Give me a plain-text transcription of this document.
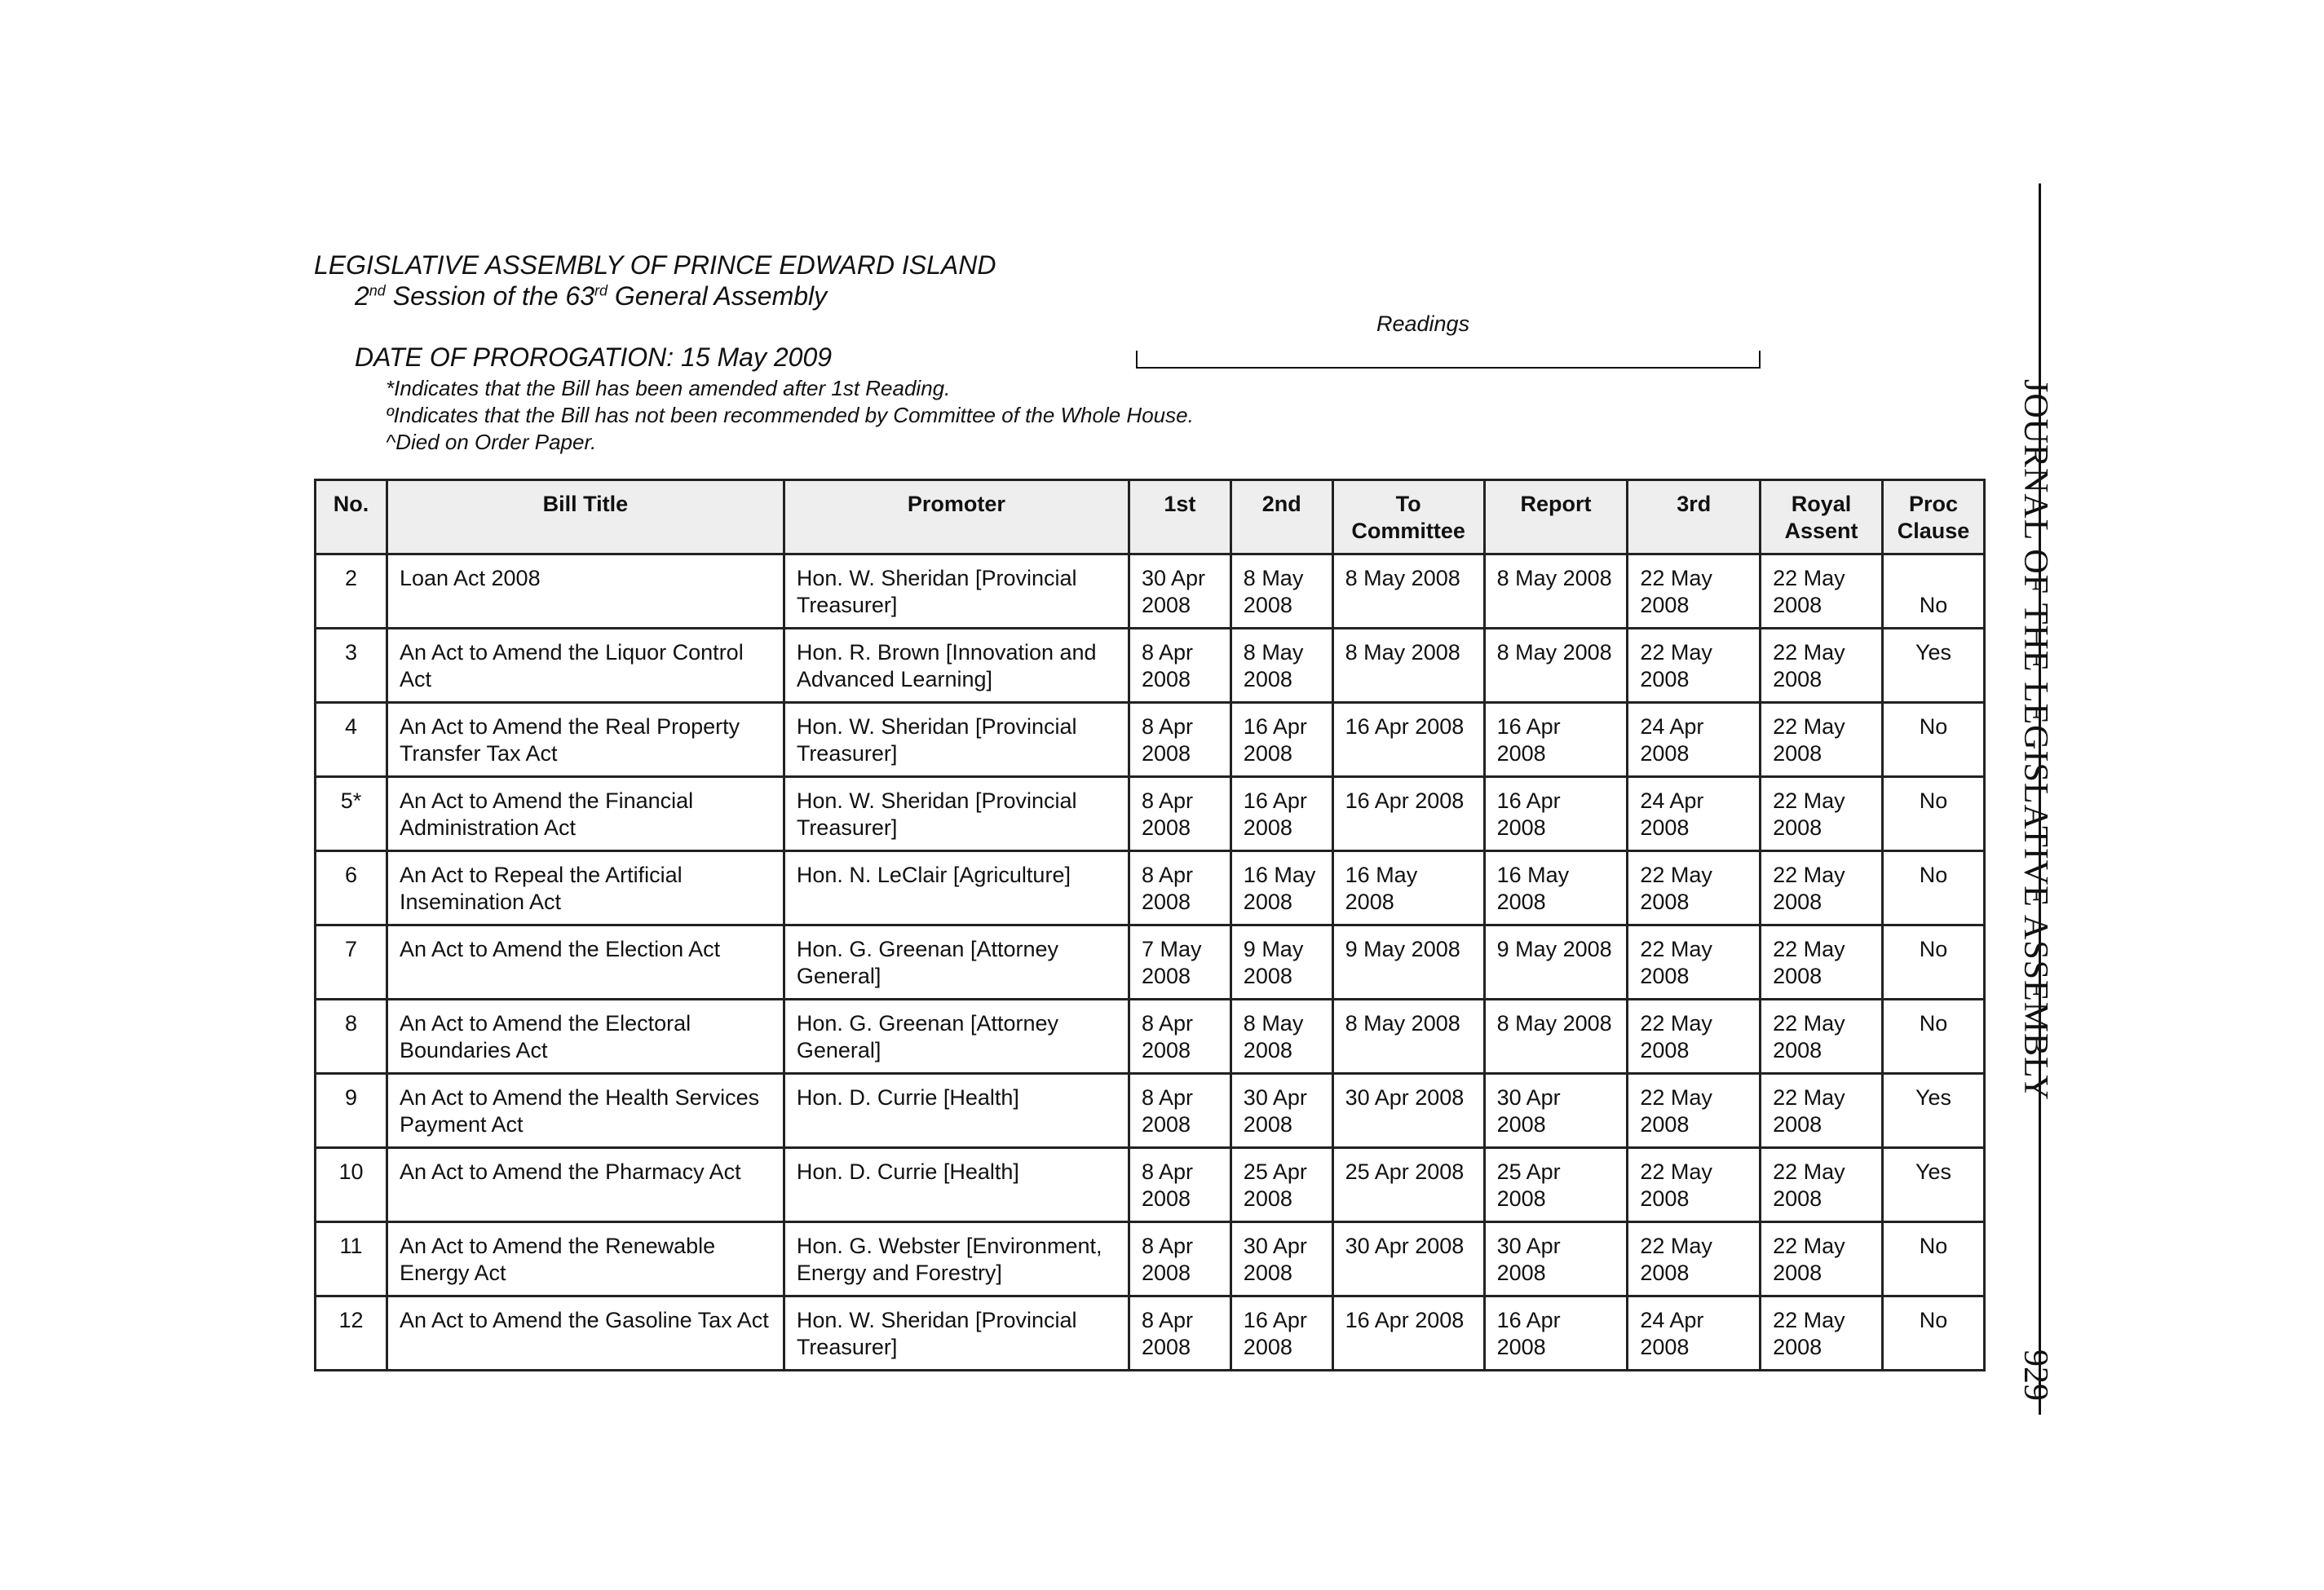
LEGISLATIVE ASSEMBLY OF PRINCE EDWARD ISLAND
2nd Session of the 63rd General Assembly
Readings
DATE OF PROROGATION: 15 May 2009
*Indicates that the Bill has been amended after 1st Reading.
ºIndicates that the Bill has not been recommended by Committee of the Whole House.
^Died on Order Paper.
No.	Bill Title	Promoter	1st	2nd	To Committee	Report	3rd	Royal Assent	Proc Clause
2	Loan Act 2008	Hon. W. Sheridan [Provincial Treasurer]	30 Apr 2008	8 May 2008	8 May 2008	8 May 2008	22 May 2008	22 May 2008	No
3	An Act to Amend the Liquor Control Act	Hon. R. Brown [Innovation and Advanced Learning]	8 Apr 2008	8 May 2008	8 May 2008	8 May 2008	22 May 2008	22 May 2008	Yes
4	An Act to Amend the Real Property Transfer Tax Act	Hon. W. Sheridan [Provincial Treasurer]	8 Apr 2008	16 Apr 2008	16 Apr 2008	16 Apr 2008	24 Apr 2008	22 May 2008	No
5*	An Act to Amend the Financial Administration Act	Hon. W. Sheridan [Provincial Treasurer]	8 Apr 2008	16 Apr 2008	16 Apr 2008	16 Apr 2008	24 Apr 2008	22 May 2008	No
6	An Act to Repeal the Artificial Insemination Act	Hon. N. LeClair [Agriculture]	8 Apr 2008	16 May 2008	16 May 2008	16 May 2008	22 May 2008	22 May 2008	No
7	An Act to Amend the Election Act	Hon. G. Greenan [Attorney General]	7 May 2008	9 May 2008	9 May 2008	9 May 2008	22 May 2008	22 May 2008	No
8	An Act to Amend the Electoral Boundaries Act	Hon. G. Greenan [Attorney General]	8 Apr 2008	8 May 2008	8 May 2008	8 May 2008	22 May 2008	22 May 2008	No
9	An Act to Amend the Health Services Payment Act	Hon. D. Currie [Health]	8 Apr 2008	30 Apr 2008	30 Apr 2008	30 Apr 2008	22 May 2008	22 May 2008	Yes
10	An Act to Amend the Pharmacy Act	Hon. D. Currie [Health]	8 Apr 2008	25 Apr 2008	25 Apr 2008	25 Apr 2008	22 May 2008	22 May 2008	Yes
11	An Act to Amend the Renewable Energy Act	Hon. G. Webster [Environment, Energy and Forestry]	8 Apr 2008	30 Apr 2008	30 Apr 2008	30 Apr 2008	22 May 2008	22 May 2008	No
12	An Act to Amend the Gasoline Tax Act	Hon. W. Sheridan [Provincial Treasurer]	8 Apr 2008	16 Apr 2008	16 Apr 2008	16 Apr 2008	24 Apr 2008	22 May 2008	No
JOURNAL OF THE LEGISLATIVE ASSEMBLY
929
